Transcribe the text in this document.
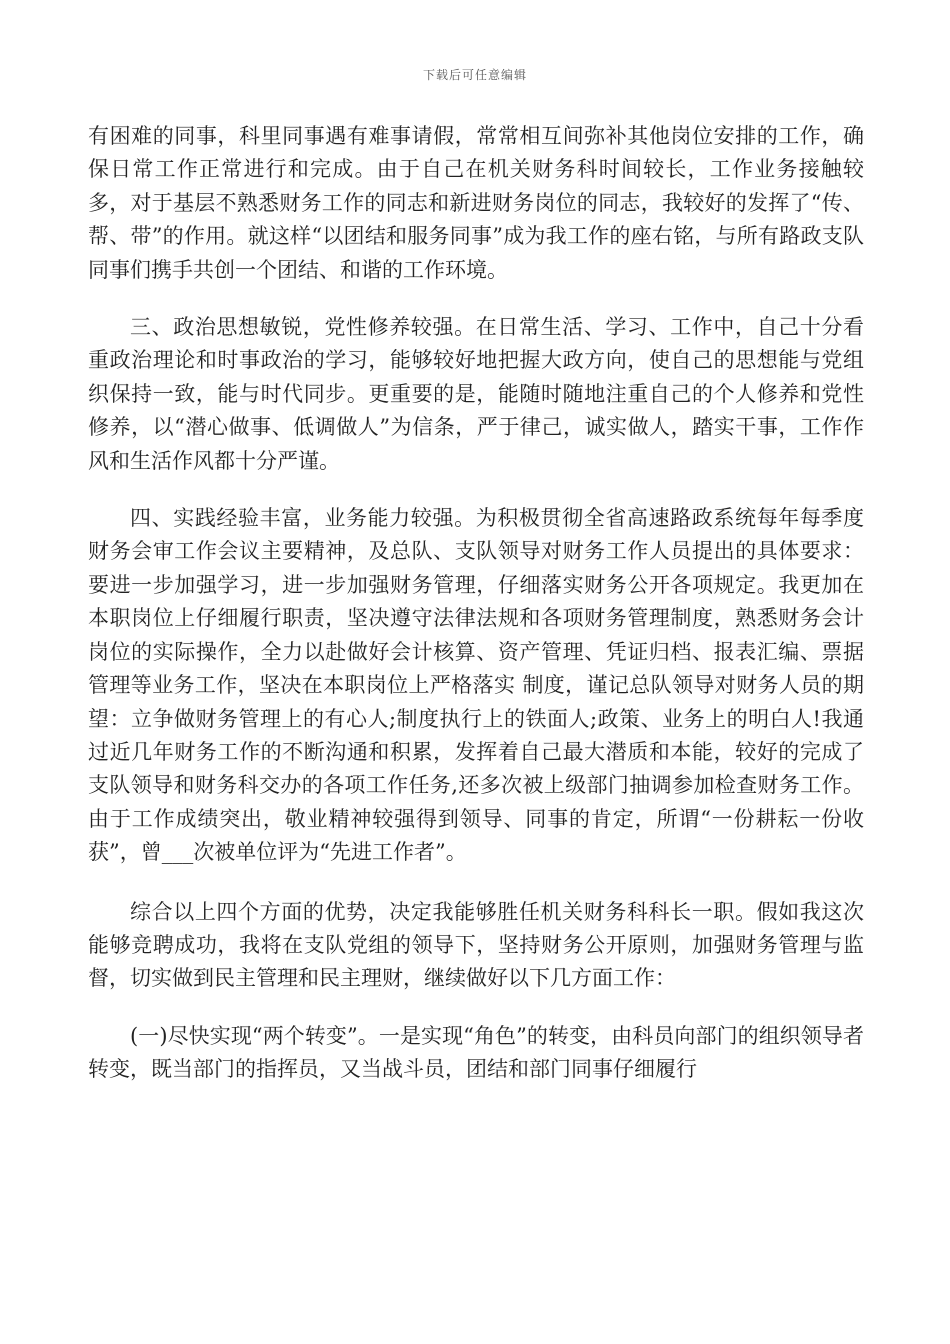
下载后可任意编辑

有困难的同事，科里同事遇有难事请假，常常相互间弥补其他岗位安排的工作，确保日常工作正常进行和完成。由于自己在机关财务科时间较长，工作业务接触较多，对于基层不熟悉财务工作的同志和新进财务岗位的同志，我较好的发挥了“传、帮、带”的作用。就这样“以团结和服务同事”成为我工作的座右铭，与所有路政支队同事们携手共创一个团结、和谐的工作环境。

三、政治思想敏锐，党性修养较强。在日常生活、学习、工作中，自己十分看重政治理论和时事政治的学习，能够较好地把握大政方向，使自己的思想能与党组织保持一致，能与时代同步。更重要的是，能随时随地注重自己的个人修养和党性修养，以“潜心做事、低调做人”为信条，严于律己，诚实做人，踏实干事，工作作风和生活作风都十分严谨。

四、实践经验丰富，业务能力较强。为积极贯彻全省高速路政系统每年每季度财务会审工作会议主要精神，及总队、支队领导对财务工作人员提出的具体要求：要进一步加强学习，进一步加强财务管理，仔细落实财务公开各项规定。我更加在本职岗位上仔细履行职责，坚决遵守法律法规和各项财务管理制度，熟悉财务会计岗位的实际操作，全力以赴做好会计核算、资产管理、凭证归档、报表汇编、票据管理等业务工作，坚决在本职岗位上严格落实 制度，谨记总队领导对财务人员的期望：立争做财务管理上的有心人;制度执行上的铁面人;政策、业务上的明白人!我通过近几年财务工作的不断沟通和积累，发挥着自己最大潜质和本能，较好的完成了支队领导和财务科交办的各项工作任务,还多次被上级部门抽调参加检查财务工作。由于工作成绩突出，敬业精神较强得到领导、同事的肯定，所谓“一份耕耘一份收获”，曾___次被单位评为“先进工作者”。

综合以上四个方面的优势，决定我能够胜任机关财务科科长一职。假如我这次能够竞聘成功，我将在支队党组的领导下，坚持财务公开原则，加强财务管理与监督，切实做到民主管理和民主理财，继续做好以下几方面工作：

(一)尽快实现“两个转变”。一是实现“角色”的转变，由科员向部门的组织领导者转变，既当部门的指挥员，又当战斗员，团结和部门同事仔细履行
